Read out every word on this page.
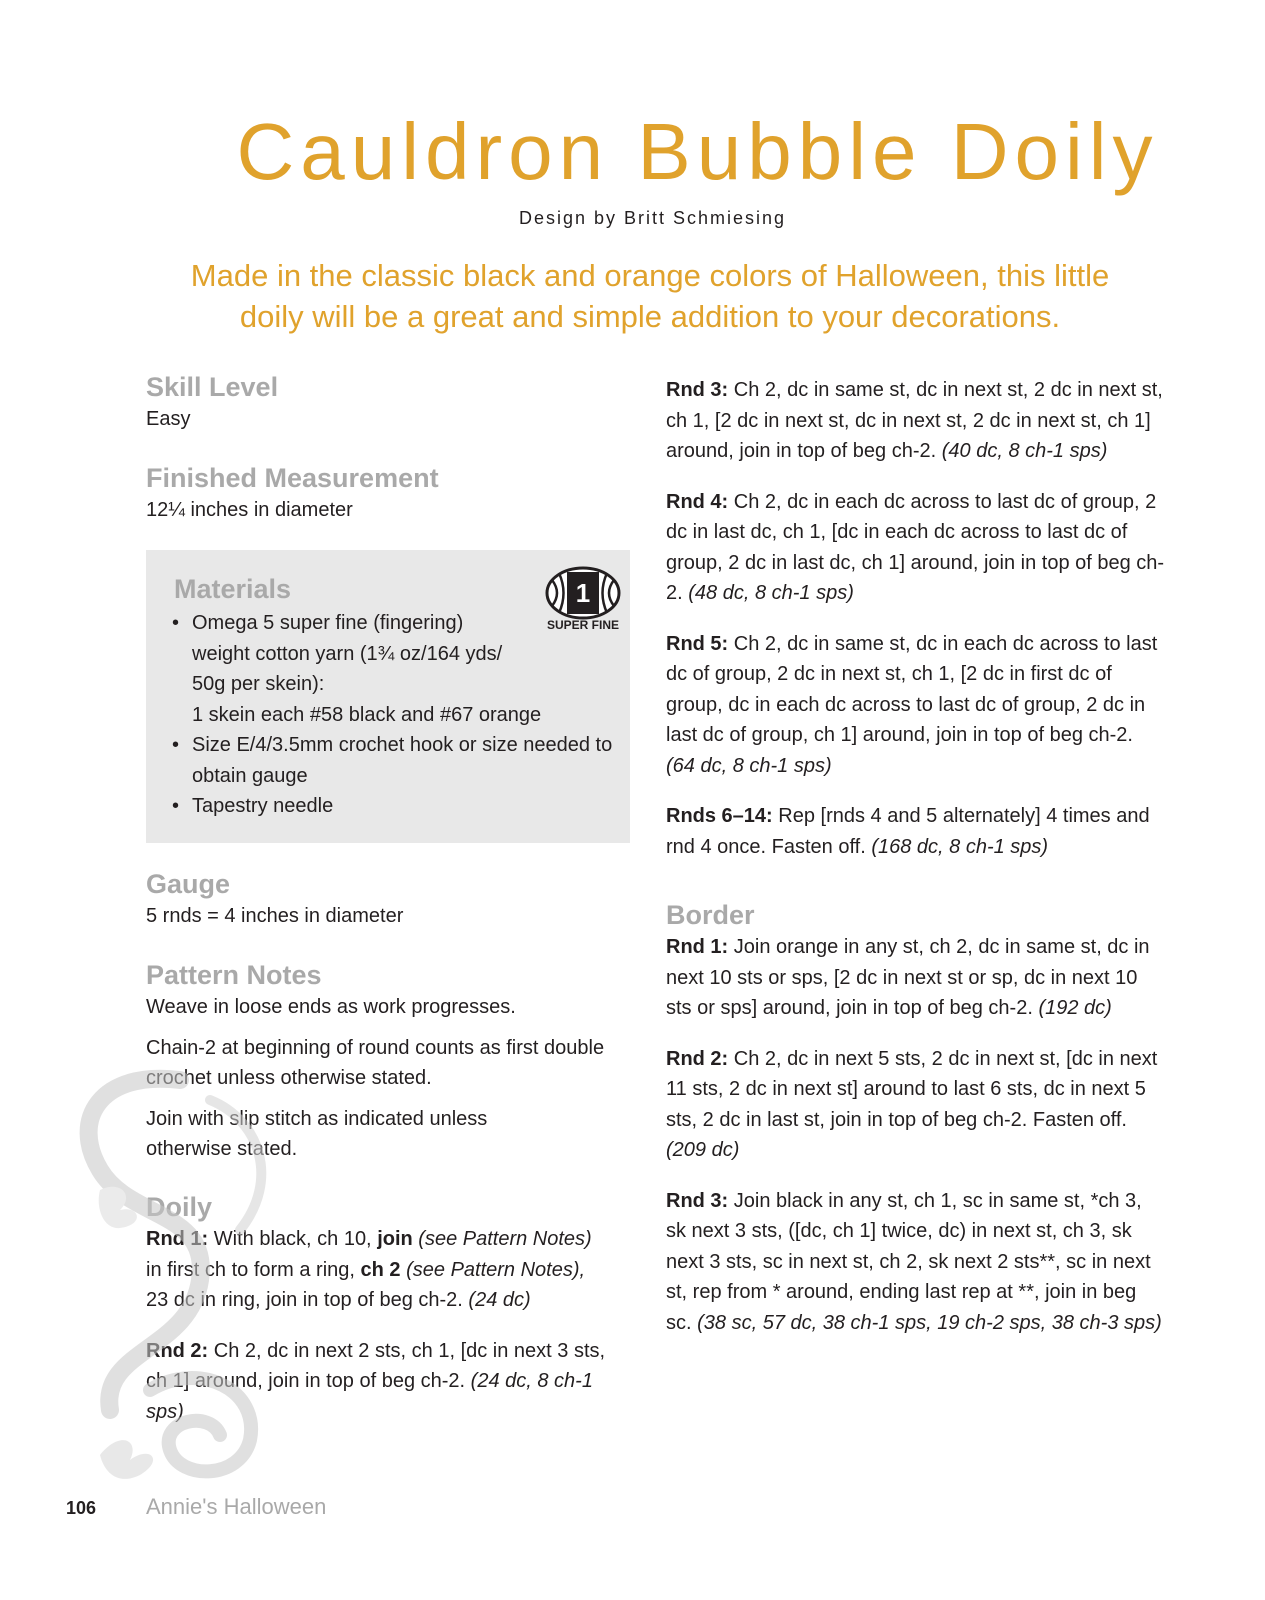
Cauldron Bubble Doily

Design by Britt Schmiesing

Made in the classic black and orange colors of Halloween, this little doily will be a great and simple addition to your decorations.

Skill Level

Easy

Finished Measurement

12¼ inches in diameter

Materials	1
SUPER FINE
• Omega 5 super fine (fingering) weight cotton yarn (1¾ oz/164 yds/ 50g per skein):
1 skein each #58 black and #67 orange
• Size E/4/3.5mm crochet hook or size needed to obtain gauge
• Tapestry needle
Gauge

5 rnds = 4 inches in diameter

Pattern Notes

Weave in loose ends as work progresses.

Chain-2 at beginning of round counts as first double crochet unless otherwise stated.

Join with slip stitch as indicated unless otherwise stated.

Doily

Rnd 1: With black, ch 10, join (see Pattern Notes) in first ch to form a ring, ch 2 (see Pattern Notes), 23 dc in ring, join in top of beg ch-2. (24 dc)

Rnd 2: Ch 2, dc in next 2 sts, ch 1, [dc in next 3 sts, ch 1] around, join in top of beg ch-2. (24 dc, 8 ch-1 sps)

Rnd 3: Ch 2, dc in same st, dc in next st, 2 dc in next st, ch 1, [2 dc in next st, dc in next st, 2 dc in next st, ch 1] around, join in top of beg ch-2. (40 dc, 8 ch-1 sps)

Rnd 4: Ch 2, dc in each dc across to last dc of group, 2 dc in last dc, ch 1, [dc in each dc across to last dc of group, 2 dc in last dc, ch 1] around, join in top of beg ch-2. (48 dc, 8 ch-1 sps)

Rnd 5: Ch 2, dc in same st, dc in each dc across to last dc of group, 2 dc in next st, ch 1, [2 dc in first dc of group, dc in each dc across to last dc of group, 2 dc in last dc of group, ch 1] around, join in top of beg ch-2. (64 dc, 8 ch-1 sps)

Rnds 6–14: Rep [rnds 4 and 5 alternately] 4 times and rnd 4 once. Fasten off. (168 dc, 8 ch-1 sps)

Border

Rnd 1: Join orange in any st, ch 2, dc in same st, dc in next 10 sts or sps, [2 dc in next st or sp, dc in next 10 sts or sps] around, join in top of beg ch-2. (192 dc)

Rnd 2: Ch 2, dc in next 5 sts, 2 dc in next st, [dc in next 11 sts, 2 dc in next st] around to last 6 sts, dc in next 5 sts, 2 dc in last st, join in top of beg ch-2. Fasten off. (209 dc)

Rnd 3: Join black in any st, ch 1, sc in same st, *ch 3, sk next 3 sts, ([dc, ch 1] twice, dc) in next st, ch 3, sk next 3 sts, sc in next st, ch 2, sk next 2 sts**, sc in next st, rep from * around, ending last rep at **, join in beg sc. (38 sc, 57 dc, 38 ch-1 sps, 19 ch-2 sps, 38 ch-3 sps)

106 Annie's Halloween
